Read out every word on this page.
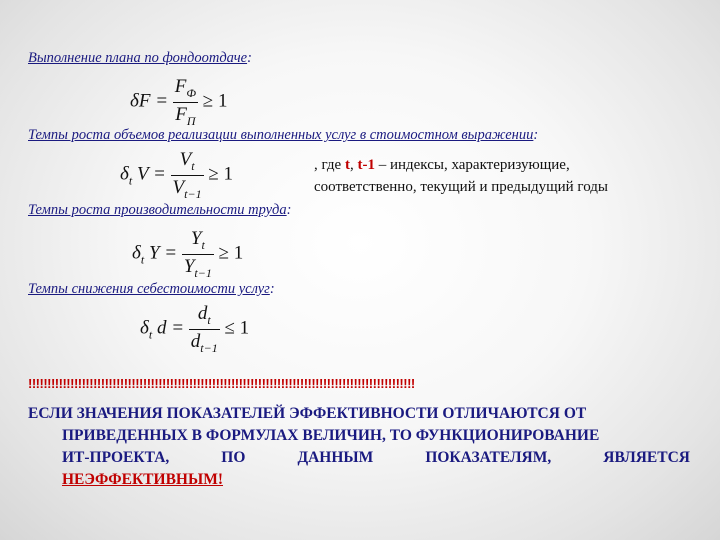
Выполнение плана по фондоотдаче:
$\delta F = \frac{F_Ф}{F_П} \ge 1$
Темпы роста объемов реализации выполненных услуг в стоимостном выражении:
$\delta_t$ $V = \frac{V_t}{V_{t-1}} \ge 1$	, где t, t-1 – индексы, характеризующие,
соответственно, текущий и предыдущий годы
Темпы роста производительности труда:
$\delta_t$ $Y = \frac{Y_t}{Y_{t-1}} \ge 1$
Темпы снижения себестоимости услуг:
$\delta_t$ $d = \frac{d_t}{d_{t-1}} \le 1$
!!!!!!!!!!!!!!!!!!!!!!!!!!!!!!!!!!!!!!!!!!!!!!!!!!!!!!!!!!!!!!!!!!!!!!!!!!!!!!!!!!!!!!!!!!!!!!!!!!!!!
ЕСЛИ ЗНАЧЕНИЯ ПОКАЗАТЕЛЕЙ ЭФФЕКТИВНОСТИ ОТЛИЧАЮТСЯ ОТ
ПРИВЕДЕННЫХ В ФОРМУЛАХ ВЕЛИЧИН, ТО ФУНКЦИОНИРОВАНИЕ
ИТ-ПРОЕКТА,	ПО	ДАННЫМ	ПОКАЗАТЕЛЯМ,	ЯВЛЯЕТСЯ
НЕЭФФЕКТИВНЫМ!
